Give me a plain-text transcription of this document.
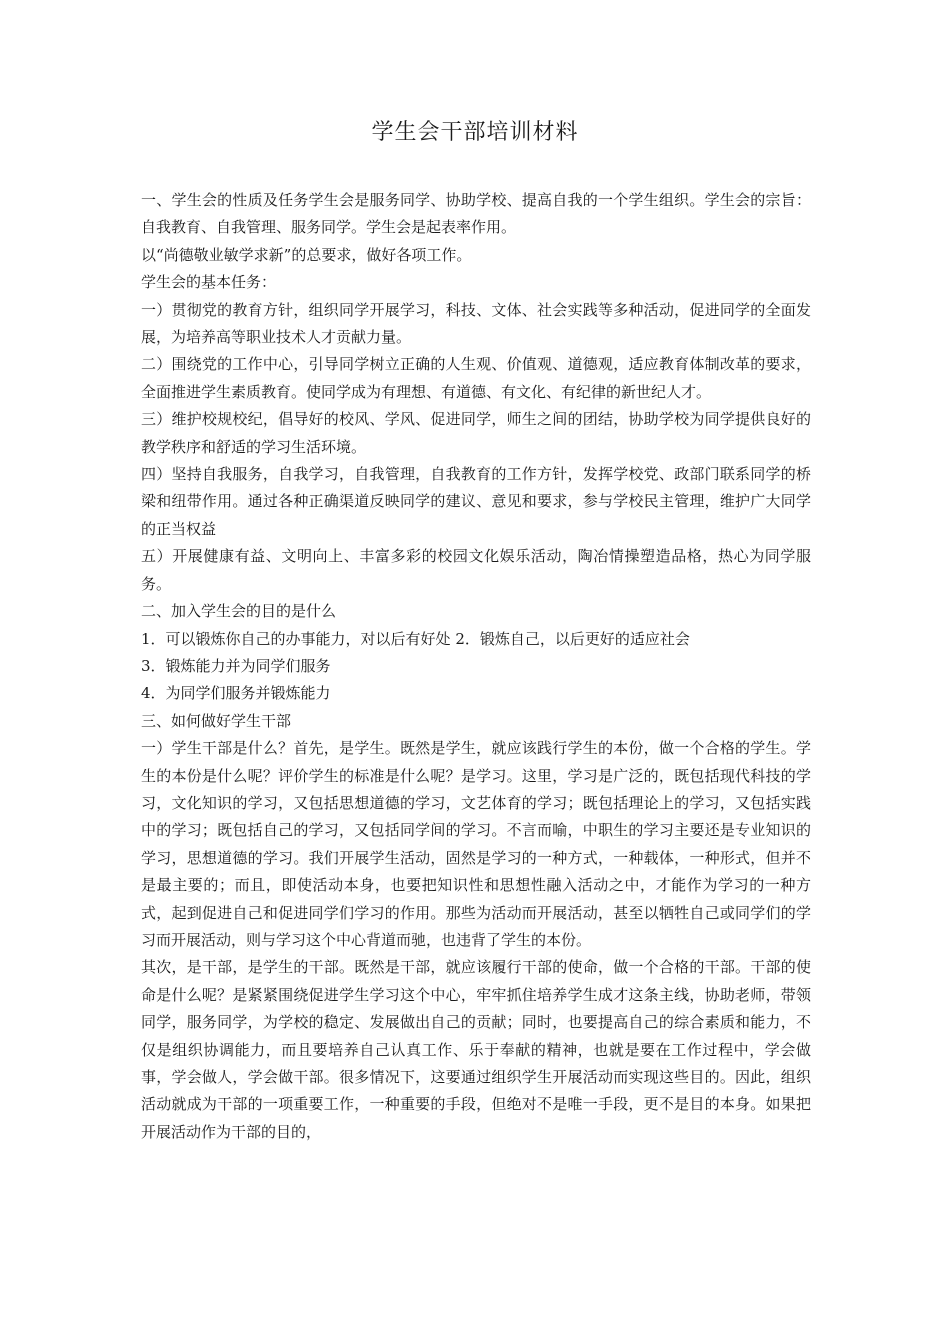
学生会干部培训材料

一、学生会的性质及任务学生会是服务同学、协助学校、提高自我的一个学生组织。学生会的宗旨：自我教育、自我管理、服务同学。学生会是起表率作用。

以“尚德敬业敏学求新”的总要求，做好各项工作。

学生会的基本任务：

一）贯彻党的教育方针，组织同学开展学习，科技、文体、社会实践等多种活动，促进同学的全面发展，为培养高等职业技术人才贡献力量。

二）围绕党的工作中心，引导同学树立正确的人生观、价值观、道德观，适应教育体制改革的要求，全面推进学生素质教育。使同学成为有理想、有道德、有文化、有纪律的新世纪人才。

三）维护校规校纪，倡导好的校风、学风、促进同学，师生之间的团结，协助学校为同学提供良好的教学秩序和舒适的学习生活环境。

四）坚持自我服务，自我学习，自我管理，自我教育的工作方针，发挥学校党、政部门联系同学的桥梁和纽带作用。通过各种正确渠道反映同学的建议、意见和要求，参与学校民主管理，维护广大同学的正当权益

五）开展健康有益、文明向上、丰富多彩的校园文化娱乐活动，陶冶情操塑造品格，热心为同学服务。

二、加入学生会的目的是什么

1．可以锻炼你自己的办事能力，对以后有好处 2．锻炼自己，以后更好的适应社会

3．锻炼能力并为同学们服务

4．为同学们服务并锻炼能力

三、如何做好学生干部

一）学生干部是什么？首先，是学生。既然是学生，就应该践行学生的本份，做一个合格的学生。学生的本份是什么呢？评价学生的标准是什么呢？是学习。这里，学习是广泛的，既包括现代科技的学习，文化知识的学习，又包括思想道德的学习，文艺体育的学习；既包括理论上的学习，又包括实践中的学习；既包括自己的学习，又包括同学间的学习。不言而喻，中职生的学习主要还是专业知识的学习，思想道德的学习。我们开展学生活动，固然是学习的一种方式，一种载体，一种形式，但并不是最主要的；而且，即使活动本身，也要把知识性和思想性融入活动之中，才能作为学习的一种方式，起到促进自己和促进同学们学习的作用。那些为活动而开展活动，甚至以牺牲自己或同学们的学习而开展活动，则与学习这个中心背道而驰，也违背了学生的本份。

其次，是干部，是学生的干部。既然是干部，就应该履行干部的使命，做一个合格的干部。干部的使命是什么呢？是紧紧围绕促进学生学习这个中心，牢牢抓住培养学生成才这条主线，协助老师，带领同学，服务同学，为学校的稳定、发展做出自己的贡献；同时，也要提高自己的综合素质和能力，不仅是组织协调能力，而且要培养自己认真工作、乐于奉献的精神，也就是要在工作过程中，学会做事，学会做人，学会做干部。很多情况下，这要通过组织学生开展活动而实现这些目的。因此，组织活动就成为干部的一项重要工作，一种重要的手段，但绝对不是唯一手段，更不是目的本身。如果把开展活动作为干部的目的，
